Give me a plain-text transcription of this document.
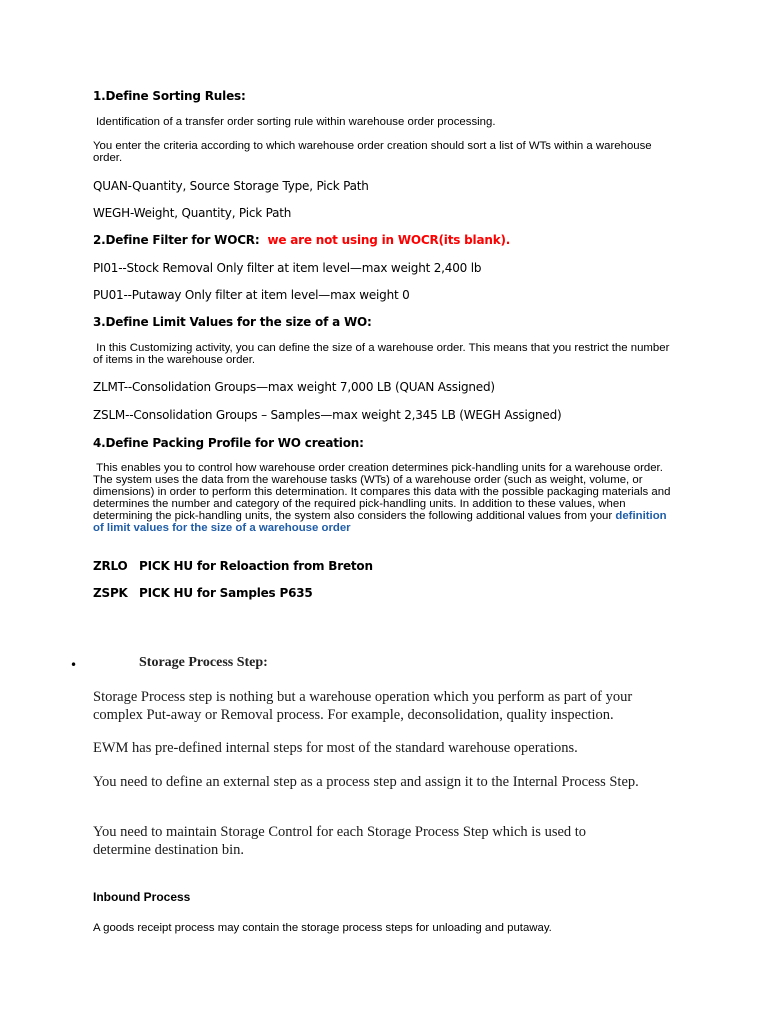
1.Define Sorting Rules:

Identification of a transfer order sorting rule within warehouse order processing.

You enter the criteria according to which warehouse order creation should sort a list of WTs within a warehouse order.

QUAN-Quantity, Source Storage Type, Pick Path

WEGH-Weight, Quantity, Pick Path

2.Define Filter for WOCR: we are not using in WOCR(its blank).

PI01--Stock Removal Only filter at item level—max weight 2,400 lb

PU01--Putaway Only filter at item level—max weight 0

3.Define Limit Values for the size of a WO:

In this Customizing activity, you can define the size of a warehouse order. This means that you restrict the number of items in the warehouse order.

ZLMT--Consolidation Groups—max weight 7,000 LB (QUAN Assigned)

ZSLM--Consolidation Groups – Samples—max weight 2,345 LB (WEGH Assigned)

4.Define Packing Profile for WO creation:

This enables you to control how warehouse order creation determines pick-handling units for a warehouse order. The system uses the data from the warehouse tasks (WTs) of a warehouse order (such as weight, volume, or dimensions) in order to perform this determination. It compares this data with the possible packaging materials and determines the number and category of the required pick-handling units. In addition to these values, when determining the pick-handling units, the system also considers the following additional values from your definition of limit values for the size of a warehouse order

ZRLO PICK HU for Reloaction from Breton

ZSPK PICK HU for Samples P635

•	Storage Process Step:

Storage Process step is nothing but a warehouse operation which you perform as part of your complex Put-away or Removal process. For example, deconsolidation, quality inspection.

EWM has pre-defined internal steps for most of the standard warehouse operations.

You need to define an external step as a process step and assign it to the Internal Process Step.

You need to maintain Storage Control for each Storage Process Step which is used to determine destination bin.

Inbound Process

A goods receipt process may contain the storage process steps for unloading and putaway.
